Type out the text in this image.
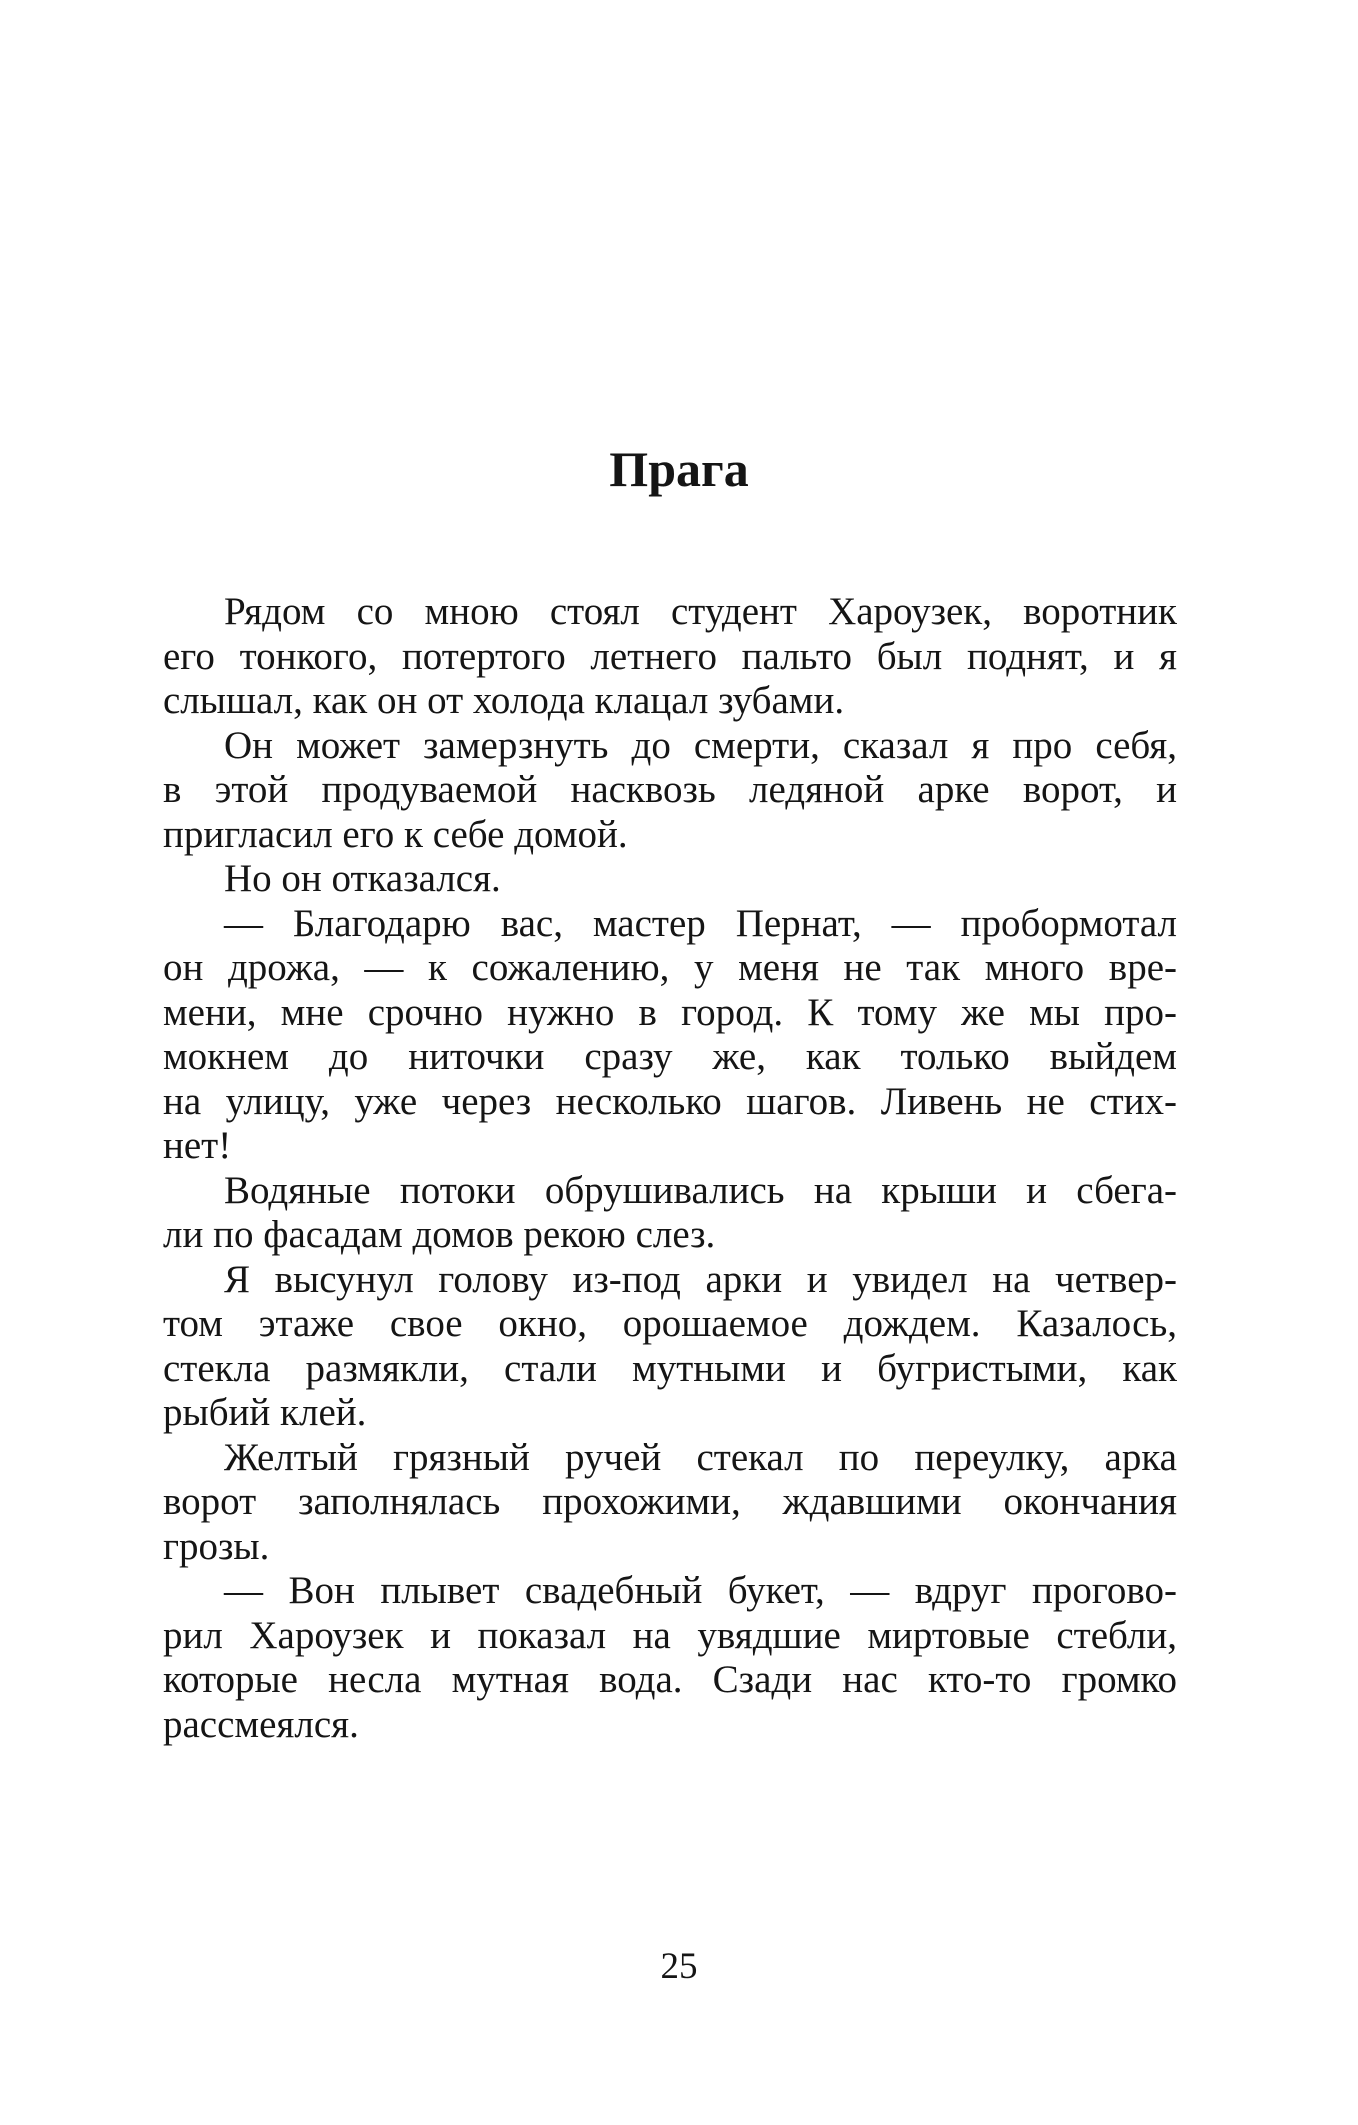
Прага
Рядом со мною стоял студент Хароузек, воротник
его тонкого, потертого летнего пальто был поднят, и я
слышал, как он от холода клацал зубами.
Он может замерзнуть до смерти, сказал я про себя,
в этой продуваемой насквозь ледяной арке ворот, и
пригласил его к себе домой.
Но он отказался.
— Благодарю вас, мастер Пернат, — пробормотал
он дрожа, — к сожалению, у меня не так много вре-
мени, мне срочно нужно в город. К тому же мы про-
мокнем до ниточки сразу же, как только выйдем
на улицу, уже через несколько шагов. Ливень не стих-
нет!
Водяные потоки обрушивались на крыши и сбега-
ли по фасадам домов рекою слез.
Я высунул голову из-под арки и увидел на четвер-
том этаже свое окно, орошаемое дождем. Казалось,
стекла размякли, стали мутными и бугристыми, как
рыбий клей.
Желтый грязный ручей стекал по переулку, арка
ворот заполнялась прохожими, ждавшими окончания
грозы.
— Вон плывет свадебный букет, — вдруг прогово-
рил Хароузек и показал на увядшие миртовые стебли,
которые несла мутная вода. Сзади нас кто-то громко
рассмеялся.
25
